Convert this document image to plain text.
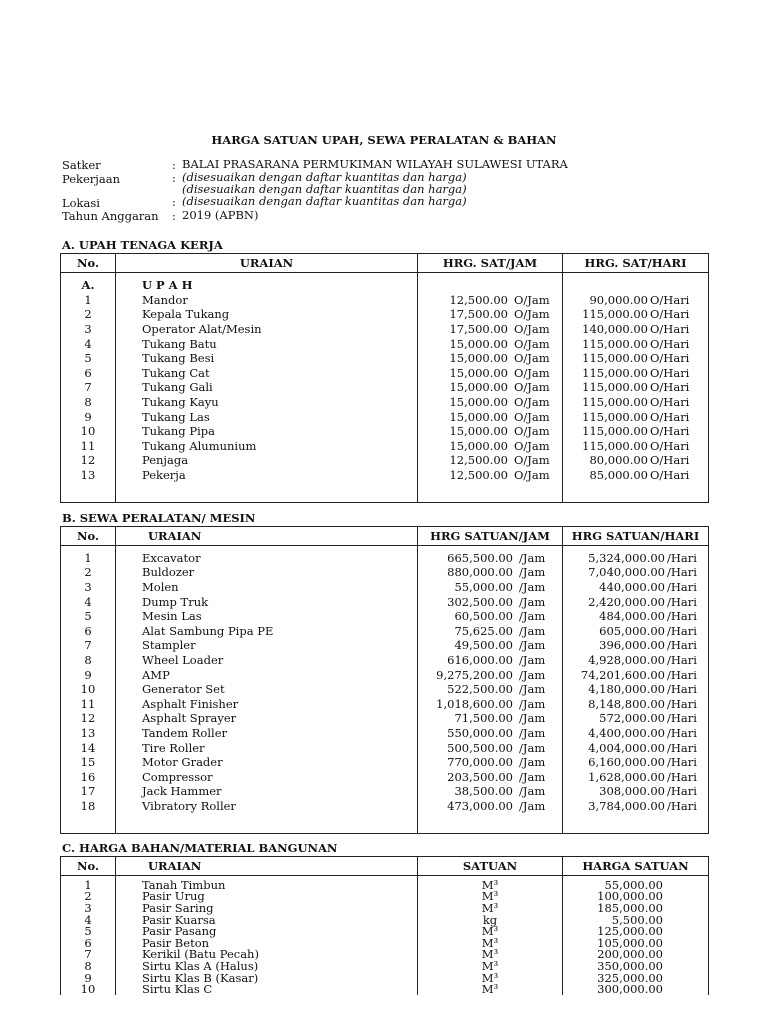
HARGA SATUAN UPAH, SEWA PERALATAN & BAHAN
Satker	: BALAI PRASARANA PERMUKIMAN WILAYAH SULAWESI UTARA
Pekerjaan	: (disesuaikan dengan daftar kuantitas dan harga)
(disesuaikan dengan daftar kuantitas dan harga)
Lokasi	: (disesuaikan dengan daftar kuantitas dan harga)
Tahun Anggaran : 2019 (APBN)
A. UPAH TENAGA KERJA
No.	URAIAN	HRG. SAT/JAM	HRG. SAT/HARI

A.	U P A H		
1	Mandor	12,500.00 O/Jam	90,000.00 O/Hari
2	Kepala Tukang	17,500.00 O/Jam	115,000.00 O/Hari
3	Operator Alat/Mesin	17,500.00 O/Jam	140,000.00 O/Hari
4	Tukang Batu	15,000.00 O/Jam	115,000.00 O/Hari
5	Tukang Besi	15,000.00 O/Jam	115,000.00 O/Hari
6	Tukang Cat	15,000.00 O/Jam	115,000.00 O/Hari
7	Tukang Gali	15,000.00 O/Jam	115,000.00 O/Hari
8	Tukang Kayu	15,000.00 O/Jam	115,000.00 O/Hari
9	Tukang Las	15,000.00 O/Jam	115,000.00 O/Hari
10	Tukang Pipa	15,000.00 O/Jam	115,000.00 O/Hari
11	Tukang Alumunium	15,000.00 O/Jam	115,000.00 O/Hari
12	Penjaga	12,500.00 O/Jam	80,000.00 O/Hari
13	Pekerja	12,500.00 O/Jam	85,000.00 O/Hari

B. SEWA PERALATAN/ MESIN
No.	URAIAN	HRG SATUAN/JAM	HRG SATUAN/HARI

1	Excavator	665,500.00 /Jam	5,324,000.00 /Hari
2	Buldozer	880,000.00 /Jam	7,040,000.00 /Hari
3	Molen	55,000.00 /Jam	440,000.00 /Hari
4	Dump Truk	302,500.00 /Jam	2,420,000.00 /Hari
5	Mesin Las	60,500.00 /Jam	484,000.00 /Hari
6	Alat Sambung Pipa PE	75,625.00 /Jam	605,000.00 /Hari
7	Stampler	49,500.00 /Jam	396,000.00 /Hari
8	Wheel Loader	616,000.00 /Jam	4,928,000.00 /Hari
9	AMP	9,275,200.00 /Jam	74,201,600.00 /Hari
10	Generator Set	522,500.00 /Jam	4,180,000.00 /Hari
11	Asphalt Finisher	1,018,600.00 /Jam	8,148,800.00 /Hari
12	Asphalt Sprayer	71,500.00 /Jam	572,000.00 /Hari
13	Tandem Roller	550,000.00 /Jam	4,400,000.00 /Hari
14	Tire Roller	500,500.00 /Jam	4,004,000.00 /Hari
15	Motor Grader	770,000.00 /Jam	6,160,000.00 /Hari
16	Compressor	203,500.00 /Jam	1,628,000.00 /Hari
17	Jack Hammer	38,500.00 /Jam	308,000.00 /Hari
18	Vibratory Roller	473,000.00 /Jam	3,784,000.00 /Hari

C. HARGA BAHAN/MATERIAL BANGUNAN
No.	URAIAN	SATUAN	HARGA SATUAN

1	Tanah Timbun	M³	55,000.00
2	Pasir Urug	M³	100,000.00
3	Pasir Saring	M³	185,000.00
4	Pasir Kuarsa	kg	5,500.00
5	Pasir Pasang	M³	125,000.00
6	Pasir Beton	M³	105,000.00
7	Kerikil (Batu Pecah)	M³	200,000.00
8	Sirtu Klas A (Halus)	M³	350,000.00
9	Sirtu Klas B (Kasar)	M³	325,000.00
10	Sirtu Klas C	M³	300,000.00
